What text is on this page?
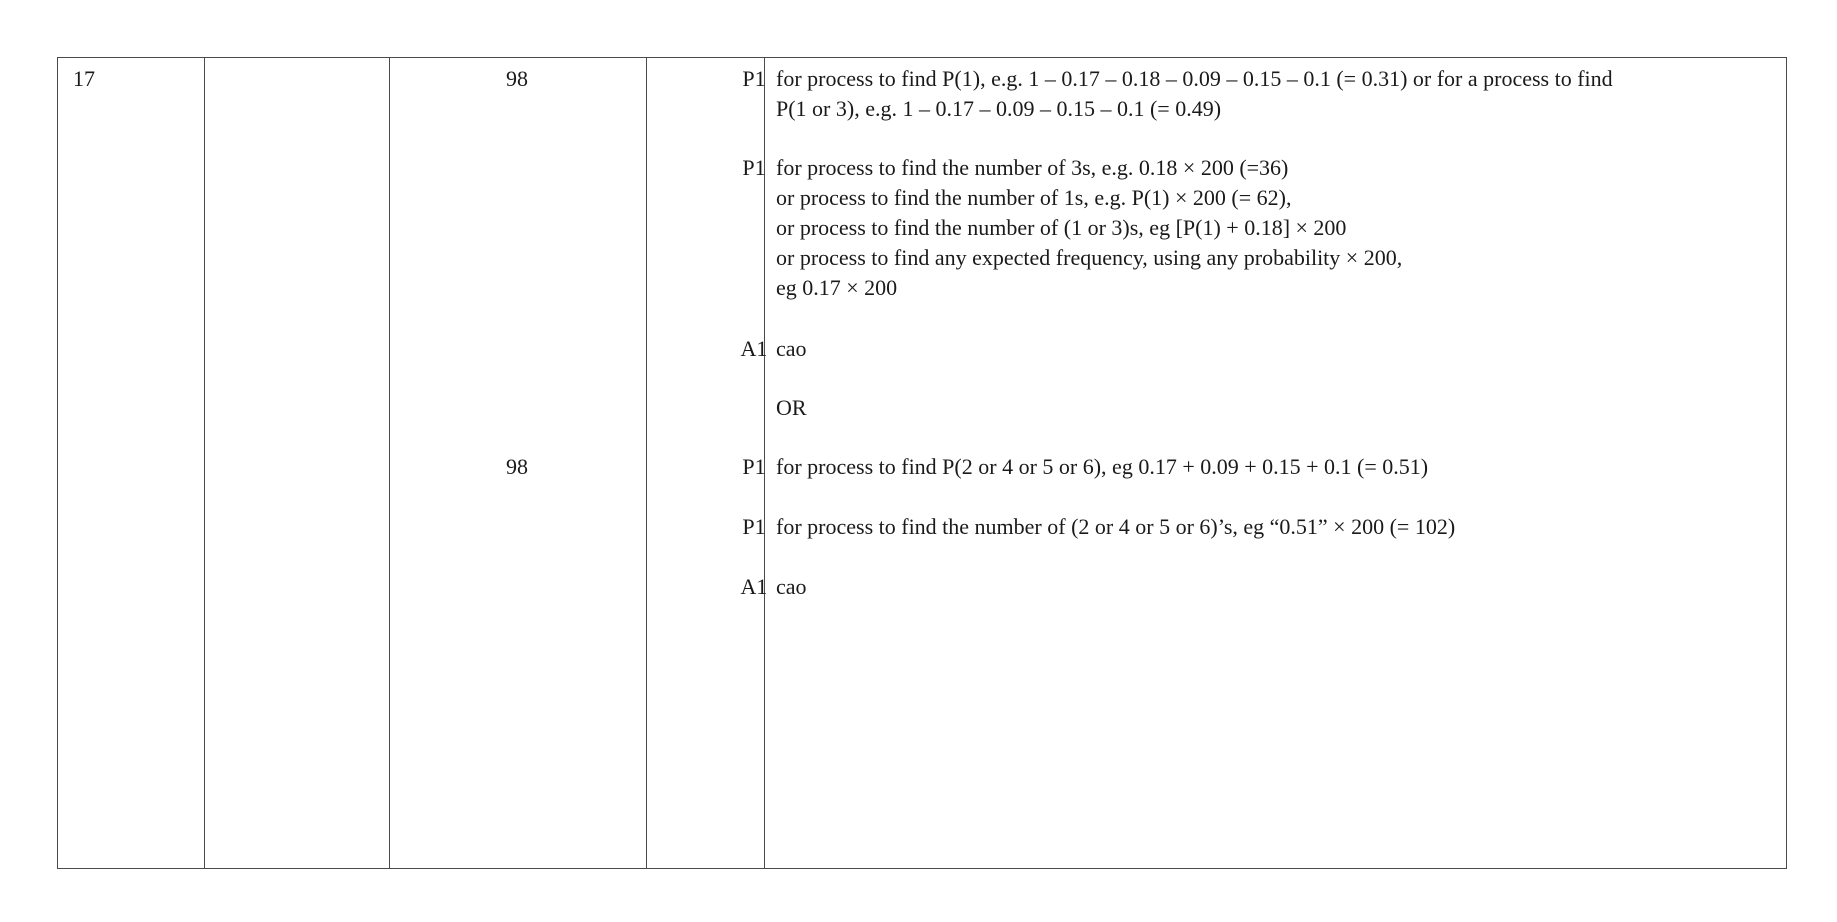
17	98
98
P1 for process to find P(1), e.g. 1 – 0.17 – 0.18 – 0.09 – 0.15 – 0.1 (= 0.31) or for a process to find
P(1 or 3), e.g. 1 – 0.17 – 0.09 – 0.15 – 0.1 (= 0.49)
P1 for process to find the number of 3s, e.g. 0.18 × 200 (=36)
or process to find the number of 1s, e.g. P(1) × 200 (= 62),
or process to find the number of (1 or 3)s, eg [P(1) + 0.18] × 200
or process to find any expected frequency, using any probability × 200,
eg 0.17 × 200
A1 cao
OR
P1 for process to find P(2 or 4 or 5 or 6), eg 0.17 + 0.09 + 0.15 + 0.1 (= 0.51)
P1 for process to find the number of (2 or 4 or 5 or 6)’s, eg “0.51” × 200 (= 102)
A1 cao
